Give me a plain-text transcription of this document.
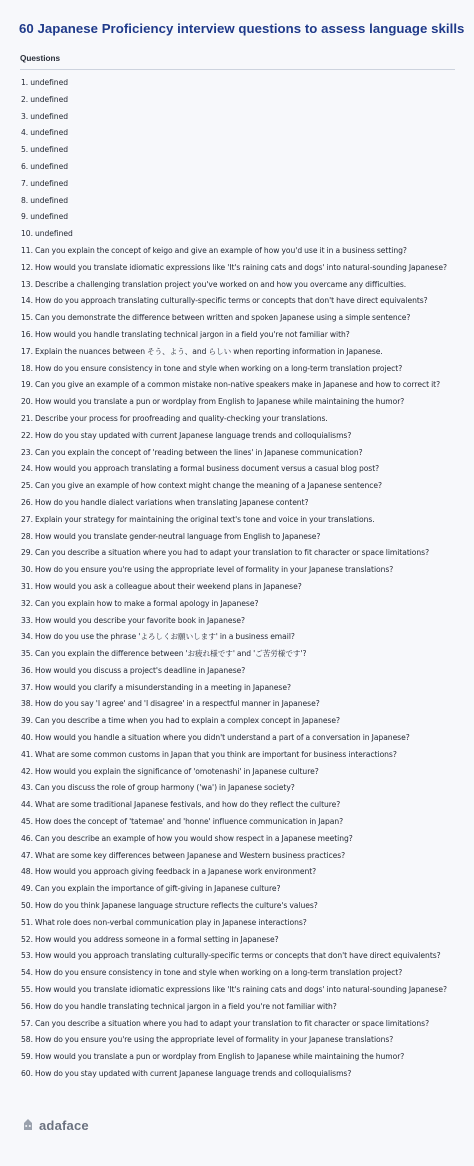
60 Japanese Proficiency interview questions to assess language skills
Questions
1. undefined
2. undefined
3. undefined
4. undefined
5. undefined
6. undefined
7. undefined
8. undefined
9. undefined
10. undefined
11. Can you explain the concept of keigo and give an example of how you'd use it in a business setting?
12. How would you translate idiomatic expressions like 'It's raining cats and dogs' into natural-sounding Japanese?
13. Describe a challenging translation project you've worked on and how you overcame any difficulties.
14. How do you approach translating culturally-specific terms or concepts that don't have direct equivalents?
15. Can you demonstrate the difference between written and spoken Japanese using a simple sentence?
16. How would you handle translating technical jargon in a field you're not familiar with?
17. Explain the nuances between そう、よう、and らしい when reporting information in Japanese.
18. How do you ensure consistency in tone and style when working on a long-term translation project?
19. Can you give an example of a common mistake non-native speakers make in Japanese and how to correct it?
20. How would you translate a pun or wordplay from English to Japanese while maintaining the humor?
21. Describe your process for proofreading and quality-checking your translations.
22. How do you stay updated with current Japanese language trends and colloquialisms?
23. Can you explain the concept of 'reading between the lines' in Japanese communication?
24. How would you approach translating a formal business document versus a casual blog post?
25. Can you give an example of how context might change the meaning of a Japanese sentence?
26. How do you handle dialect variations when translating Japanese content?
27. Explain your strategy for maintaining the original text's tone and voice in your translations.
28. How would you translate gender-neutral language from English to Japanese?
29. Can you describe a situation where you had to adapt your translation to fit character or space limitations?
30. How do you ensure you're using the appropriate level of formality in your Japanese translations?
31. How would you ask a colleague about their weekend plans in Japanese?
32. Can you explain how to make a formal apology in Japanese?
33. How would you describe your favorite book in Japanese?
34. How do you use the phrase 'よろしくお願いします' in a business email?
35. Can you explain the difference between 'お疲れ様です' and 'ご苦労様です'?
36. How would you discuss a project's deadline in Japanese?
37. How would you clarify a misunderstanding in a meeting in Japanese?
38. How do you say 'I agree' and 'I disagree' in a respectful manner in Japanese?
39. Can you describe a time when you had to explain a complex concept in Japanese?
40. How would you handle a situation where you didn't understand a part of a conversation in Japanese?
41. What are some common customs in Japan that you think are important for business interactions?
42. How would you explain the significance of 'omotenashi' in Japanese culture?
43. Can you discuss the role of group harmony ('wa') in Japanese society?
44. What are some traditional Japanese festivals, and how do they reflect the culture?
45. How does the concept of 'tatemae' and 'honne' influence communication in Japan?
46. Can you describe an example of how you would show respect in a Japanese meeting?
47. What are some key differences between Japanese and Western business practices?
48. How would you approach giving feedback in a Japanese work environment?
49. Can you explain the importance of gift-giving in Japanese culture?
50. How do you think Japanese language structure reflects the culture's values?
51. What role does non-verbal communication play in Japanese interactions?
52. How would you address someone in a formal setting in Japanese?
53. How would you approach translating culturally-specific terms or concepts that don't have direct equivalents?
54. How do you ensure consistency in tone and style when working on a long-term translation project?
55. How would you translate idiomatic expressions like 'It's raining cats and dogs' into natural-sounding Japanese?
56. How do you handle translating technical jargon in a field you're not familiar with?
57. Can you describe a situation where you had to adapt your translation to fit character or space limitations?
58. How do you ensure you're using the appropriate level of formality in your Japanese translations?
59. How would you translate a pun or wordplay from English to Japanese while maintaining the humor?
60. How do you stay updated with current Japanese language trends and colloquialisms?
adaface
